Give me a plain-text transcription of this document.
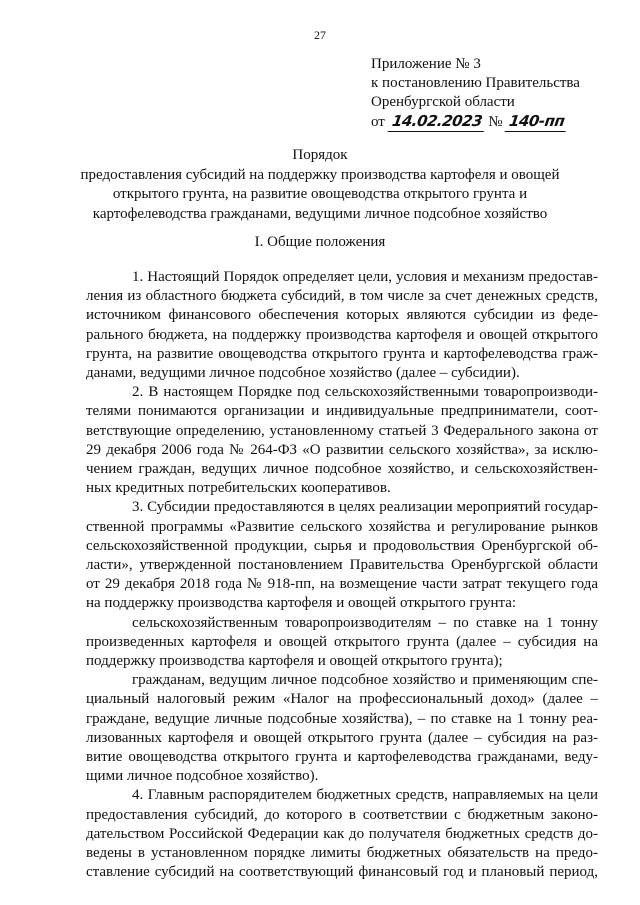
27
Приложение № 3
к постановлению Правительства
Оренбургской области
от 14.02.2023 № 140-пп
Порядок
предоставления субсидий на поддержку производства картофеля и овощей
открытого грунта, на развитие овощеводства открытого грунта и
картофелеводства гражданами, ведущими личное подсобное хозяйство
I. Общие положения
1. Настоящий Порядок определяет цели, условия и механизм предостав-
ления из областного бюджета субсидий, в том числе за счет денежных средств,
источником финансового обеспечения которых являются субсидии из феде-
рального бюджета, на поддержку производства картофеля и овощей открытого
грунта, на развитие овощеводства открытого грунта и картофелеводства граж-
данами, ведущими личное подсобное хозяйство (далее – субсидии).
2. В настоящем Порядке под сельскохозяйственными товаропроизводи-
телями понимаются организации и индивидуальные предприниматели, соот-
ветствующие определению, установленному статьей 3 Федерального закона от
29 декабря 2006 года № 264-ФЗ «О развитии сельского хозяйства», за исклю-
чением граждан, ведущих личное подсобное хозяйство, и сельскохозяйствен-
ных кредитных потребительских кооперативов.
3. Субсидии предоставляются в целях реализации мероприятий государ-
ственной программы «Развитие сельского хозяйства и регулирование рынков
сельскохозяйственной продукции, сырья и продовольствия Оренбургской об-
ласти», утвержденной постановлением Правительства Оренбургской области
от 29 декабря 2018 года № 918-пп, на возмещение части затрат текущего года
на поддержку производства картофеля и овощей открытого грунта:
сельскохозяйственным товаропроизводителям – по ставке на 1 тонну
произведенных картофеля и овощей открытого грунта (далее – субсидия на
поддержку производства картофеля и овощей открытого грунта);
гражданам, ведущим личное подсобное хозяйство и применяющим спе-
циальный налоговый режим «Налог на профессиональный доход» (далее –
граждане, ведущие личные подсобные хозяйства), – по ставке на 1 тонну реа-
лизованных картофеля и овощей открытого грунта (далее – субсидия на раз-
витие овощеводства открытого грунта и картофелеводства гражданами, веду-
щими личное подсобное хозяйство).
4. Главным распорядителем бюджетных средств, направляемых на цели
предоставления субсидий, до которого в соответствии с бюджетным законо-
дательством Российской Федерации как до получателя бюджетных средств до-
ведены в установленном порядке лимиты бюджетных обязательств на предо-
ставление субсидий на соответствующий финансовый год и плановый период,
